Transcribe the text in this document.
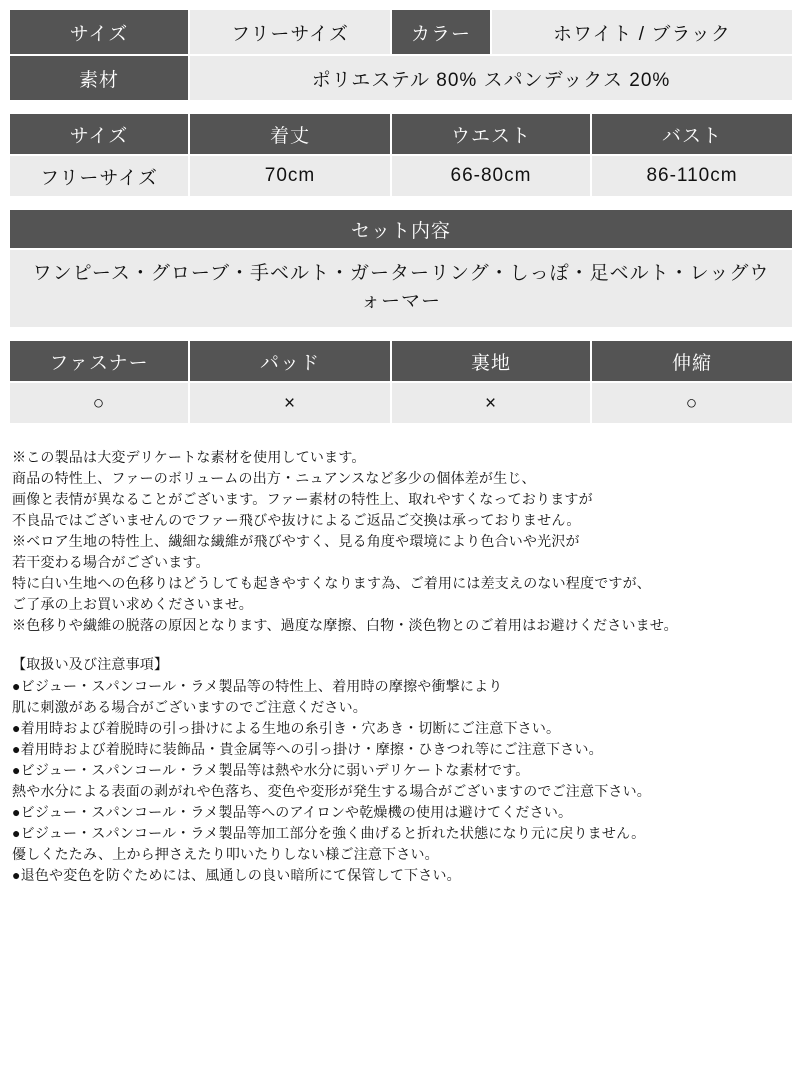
サイズ	フリーサイズ	カラー	ホワイト / ブラック
素材	ポリエステル 80% スパンデックス 20%		
サイズ	着丈	ウエスト	バスト
フリーサイズ	70cm	66-80cm	86-110cm
セット内容
ワンピース・グローブ・手ベルト・ガーターリング・しっぽ・足ベルト・レッグウォーマー
ファスナー	パッド	裏地	伸縮
○	×	×	○

※この製品は大変デリケートな素材を使用しています。

商品の特性上、ファーのボリュームの出方・ニュアンスなど多少の個体差が生じ、

画像と表情が異なることがございます。ファー素材の特性上、取れやすくなっておりますが

不良品ではございませんのでファー飛びや抜けによるご返品ご交換は承っておりません。

※ベロア生地の特性上、繊細な繊維が飛びやすく、見る角度や環境により色合いや光沢が

若干変わる場合がございます。

特に白い生地への色移りはどうしても起きやすくなります為、ご着用には差支えのない程度ですが、

ご了承の上お買い求めくださいませ。

※色移りや繊維の脱落の原因となります、過度な摩擦、白物・淡色物とのご着用はお避けくださいませ。

【取扱い及び注意事項】

●ビジュー・スパンコール・ラメ製品等の特性上、着用時の摩擦や衝撃により

肌に刺激がある場合がございますのでご注意ください。

●着用時および着脱時の引っ掛けによる生地の糸引き・穴あき・切断にご注意下さい。

●着用時および着脱時に装飾品・貴金属等への引っ掛け・摩擦・ひきつれ等にご注意下さい。

●ビジュー・スパンコール・ラメ製品等は熱や水分に弱いデリケートな素材です。

熱や水分による表面の剥がれや色落ち、変色や変形が発生する場合がございますのでご注意下さい。

●ビジュー・スパンコール・ラメ製品等へのアイロンや乾燥機の使用は避けてください。

●ビジュー・スパンコール・ラメ製品等加工部分を強く曲げると折れた状態になり元に戻りません。

優しくたたみ、上から押さえたり叩いたりしない様ご注意下さい。

●退色や変色を防ぐためには、風通しの良い暗所にて保管して下さい。
